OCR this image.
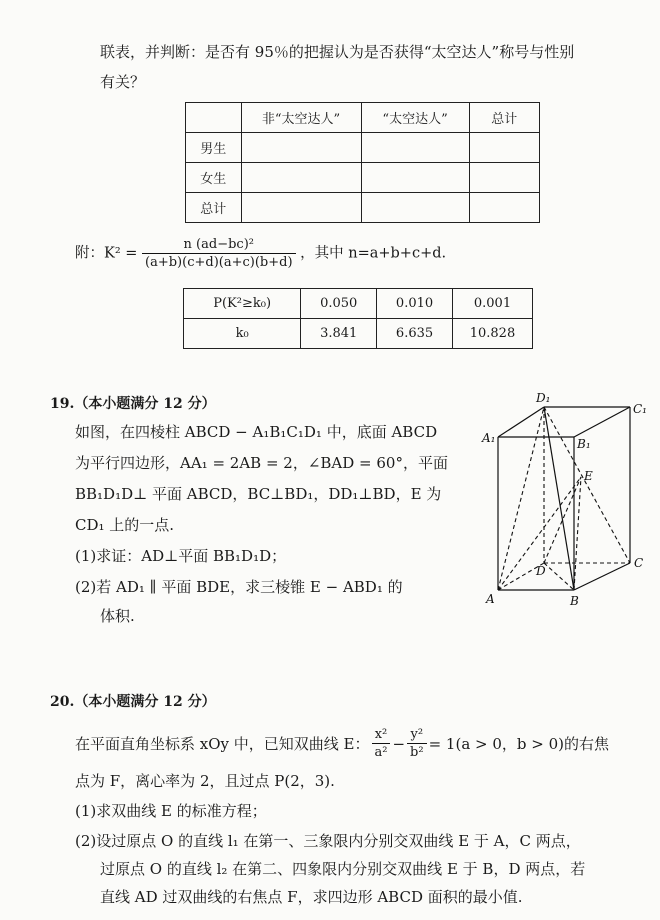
联表，并判断：是否有 95％的把握认为是否获得“太空达人”称号与性别
有关？
	非“太空达人”	“太空达人”	总计
男生			
女生			
总计			
附：$K^2 = \frac{\text{n (ad−bc)²}}{(a+b)(c+d)(a+c)(b+d)}$ ，其中 n=a+b+c+d.
P(K²≥k₀)	0.050	0.010	0.001
k₀	3.841	6.635	10.828
19.（本小题满分 12 分）
如图，在四棱柱 ABCD − A₁B₁C₁D₁ 中，底面 ABCD
为平行四边形，AA₁ = 2AB = 2，∠BAD = 60°，平面
BB₁D₁D⊥ 平面 ABCD，BC⊥BD₁，DD₁⊥BD，E 为
CD₁ 上的一点.
(1)求证：AD⊥平面 BB₁D₁D；
(2)若 AD₁ ∥ 平面 BDE，求三棱锥 E − ABD₁ 的
体积.
D₁
C₁
A₁	B₁
E
D
C
A	B
20.（本小题满分 12 分）
在平面直角坐标系 xOy 中，已知双曲线 E： $\frac{\text{x²}}{\text{a²}} - \frac{\text{y²}}{\text{b²}} = 1(a > 0$，b > 0)的右焦
点为 F，离心率为 2，且过点 P(2，3).
(1)求双曲线 E 的标准方程；
(2)设过原点 O 的直线 l₁ 在第一、三象限内分别交双曲线 E 于 A，C 两点，
过原点 O 的直线 l₂ 在第二、四象限内分别交双曲线 E 于 B，D 两点，若
直线 AD 过双曲线的右焦点 F，求四边形 ABCD 面积的最小值.
